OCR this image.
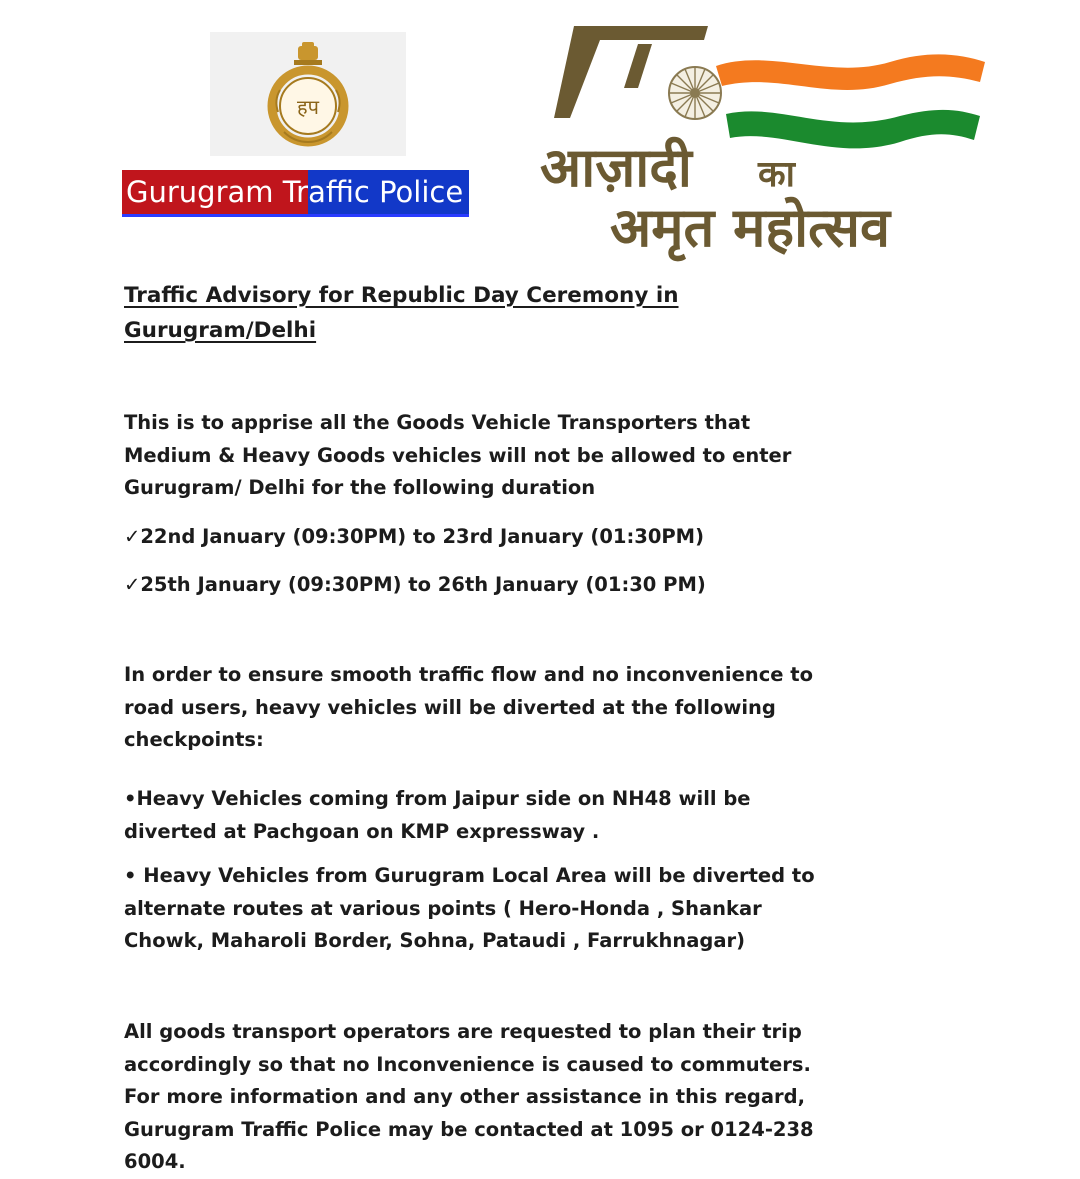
हप
Gurugram Tr affic Police आज़ादी का
अमृत महोत्सव

Traffic Advisory for Republic Day Ceremony in Gurugram/Delhi

This is to apprise all the Goods Vehicle Transporters that Medium & Heavy Goods vehicles will not be allowed to enter Gurugram/ Delhi for the following duration

✓22nd January (09:30PM) to 23rd January (01:30PM)

✓25th January (09:30PM) to 26th January (01:30 PM)

In order to ensure smooth traffic flow and no inconvenience to road users, heavy vehicles will be diverted at the following checkpoints:

•Heavy Vehicles coming from Jaipur side on NH48 will be diverted at Pachgoan on KMP expressway .

• Heavy Vehicles from Gurugram Local Area will be diverted to alternate routes at various points ( Hero-Honda , Shankar Chowk, Maharoli Border, Sohna, Pataudi , Farrukhnagar)

All goods transport operators are requested to plan their trip accordingly so that no Inconvenience is caused to commuters. For more information and any other assistance in this regard, Gurugram Traffic Police may be contacted at 1095 or 0124-238 6004.
